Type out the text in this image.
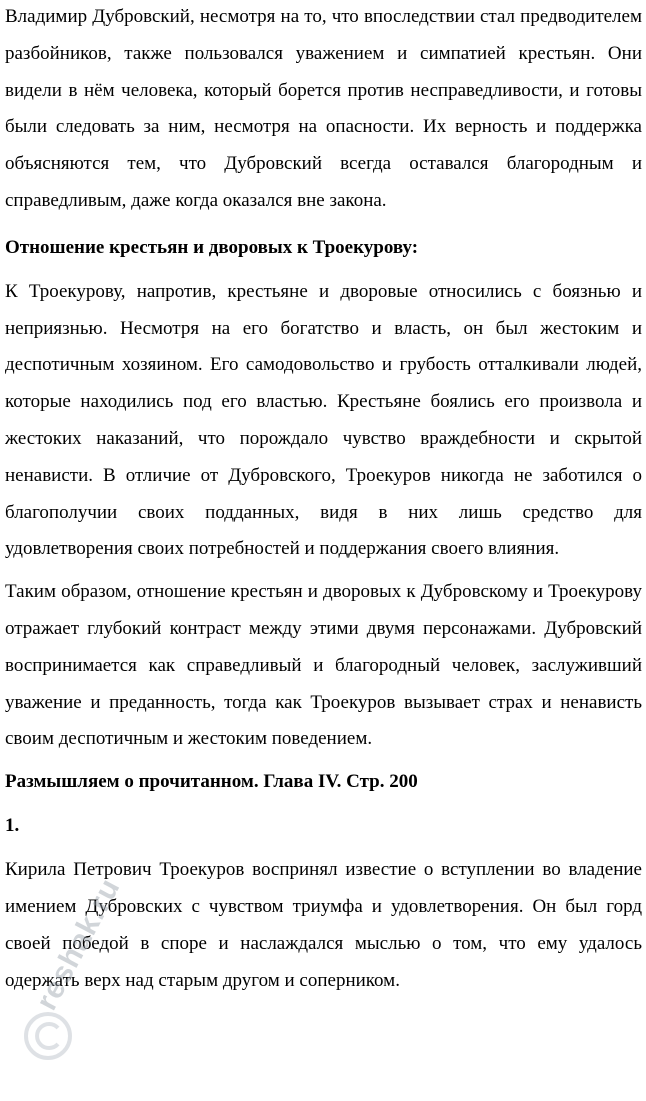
Владимир Дубровский, несмотря на то, что впоследствии стал предводителем разбойников, также пользовался уважением и симпатией крестьян. Они видели в нём человека, который борется против несправедливости, и готовы были следовать за ним, несмотря на опасности. Их верность и поддержка объясняются тем, что Дубровский всегда оставался благородным и справедливым, даже когда оказался вне закона.

Отношение крестьян и дворовых к Троекурову:

К Троекурову, напротив, крестьяне и дворовые относились с боязнью и неприязнью. Несмотря на его богатство и власть, он был жестоким и деспотичным хозяином. Его самодовольство и грубость отталкивали людей, которые находились под его властью. Крестьяне боялись его произвола и жестоких наказаний, что порождало чувство враждебности и скрытой ненависти. В отличие от Дубровского, Троекуров никогда не заботился о благополучии своих подданных, видя в них лишь средство для удовлетворения своих потребностей и поддержания своего влияния.

Таким образом, отношение крестьян и дворовых к Дубровскому и Троекурову отражает глубокий контраст между этими двумя персонажами. Дубровский воспринимается как справедливый и благородный человек, заслуживший уважение и преданность, тогда как Троекуров вызывает страх и ненависть своим деспотичным и жестоким поведением.

Размышляем о прочитанном. Глава IV. Стр. 200

1.

Кирила Петрович Троекуров воспринял известие о вступлении во владение имением Дубровских с чувством триумфа и удовлетворения. Он был горд своей победой в споре и наслаждался мыслью о том, что ему удалось одержать верх над старым другом и соперником.

reshak.ru
